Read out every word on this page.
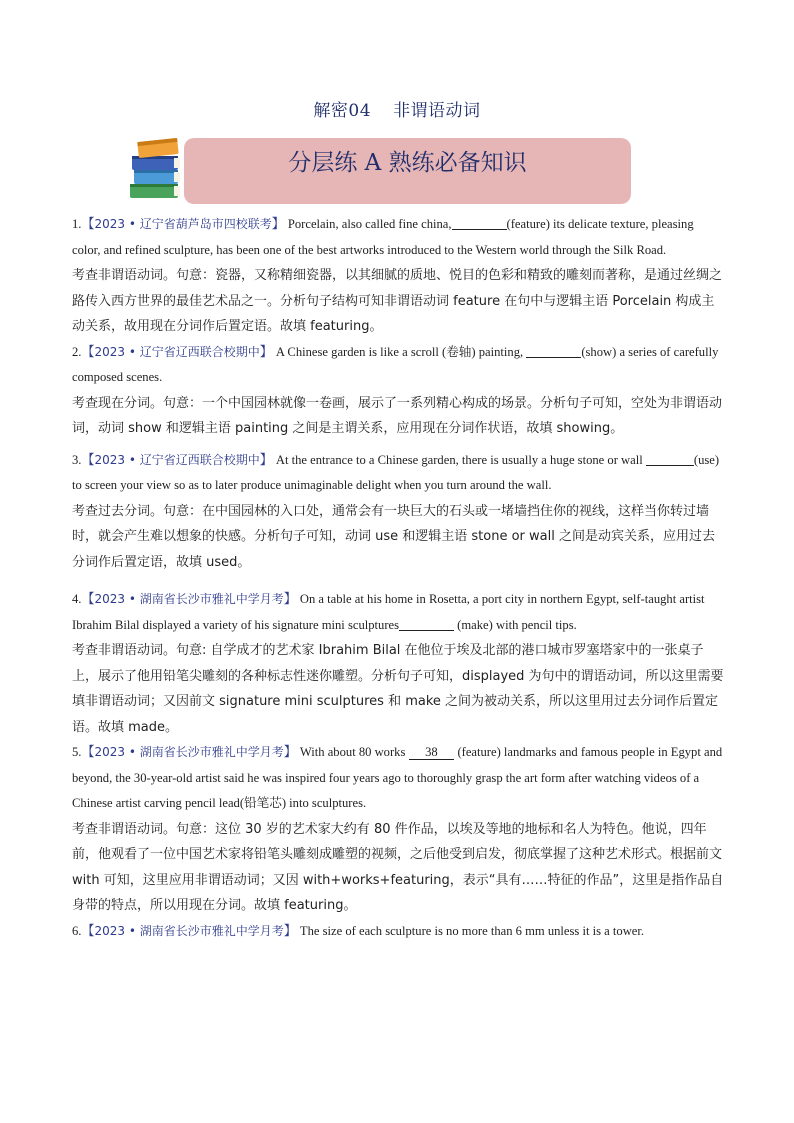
解密04 非谓语动词
分层练 A 熟练必备知识

1.【2023 • 辽宁省葫芦岛市四校联考】 Porcelain, also called fine china,	(feature) its delicate texture, pleasing color, and refined sculpture, has been one of the best artworks introduced to the Western world through the Silk Road.

考查非谓语动词。句意：瓷器，又称精细瓷器，以其细腻的质地、悦目的色彩和精致的雕刻而著称，是通过丝绸之路传入西方世界的最佳艺术品之一。分析句子结构可知非谓语动词 feature 在句中与逻辑主语 Porcelain 构成主动关系，故用现在分词作后置定语。故填 featuring。

2.【2023 • 辽宁省辽西联合校期中】 A Chinese garden is like a scroll (卷轴) painting,	(show) a series of carefully composed scenes.

考查现在分词。句意：一个中国园林就像一卷画，展示了一系列精心构成的场景。分析句子可知，空处为非谓语动词，动词 show 和逻辑主语 painting 之间是主谓关系，应用现在分词作状语，故填 showing。

3.【2023 • 辽宁省辽西联合校期中】 At the entrance to a Chinese garden, there is usually a huge stone or wall	(use) to screen your view so as to later produce unimaginable delight when you turn around the wall.

考查过去分词。句意：在中国园林的入口处，通常会有一块巨大的石头或一堵墙挡住你的视线，这样当你转过墙时，就会产生难以想象的快感。分析句子可知，动词 use 和逻辑主语 stone or wall 之间是动宾关系，应用过去分词作后置定语，故填 used。

4.【2023 • 湖南省长沙市雅礼中学月考】 On a table at his home in Rosetta, a port city in northern Egypt, self-taught artist Ibrahim Bilal displayed a variety of his signature mini sculptures	(make) with pencil tips.

考查非谓语动词。句意: 自学成才的艺术家 Ibrahim Bilal 在他位于埃及北部的港口城市罗塞塔家中的一张桌子上，展示了他用铅笔尖雕刻的各种标志性迷你雕塑。分析句子可知，displayed 为句中的谓语动词，所以这里需要填非谓语动词；又因前文 signature mini sculptures 和 make 之间为被动关系，所以这里用过去分词作后置定语。故填 made。

5.【2023 • 湖南省长沙市雅礼中学月考】 With about 80 works     38     (feature) landmarks and famous people in Egypt and beyond, the 30-year-old artist said he was inspired four years ago to thoroughly grasp the art form after watching videos of a Chinese artist carving pencil lead(铅笔芯) into sculptures.

考查非谓语动词。句意：这位 30 岁的艺术家大约有 80 件作品，以埃及等地的地标和名人为特色。他说，四年前，他观看了一位中国艺术家将铅笔头雕刻成雕塑的视频，之后他受到启发，彻底掌握了这种艺术形式。根据前文 with 可知，这里应用非谓语动词；又因 with+works+featuring，表示“具有……特征的作品”，这里是指作品自身带的特点，所以用现在分词。故填 featuring。

6.【2023 • 湖南省长沙市雅礼中学月考】 The size of each sculpture is no more than 6 mm unless it is a tower.
